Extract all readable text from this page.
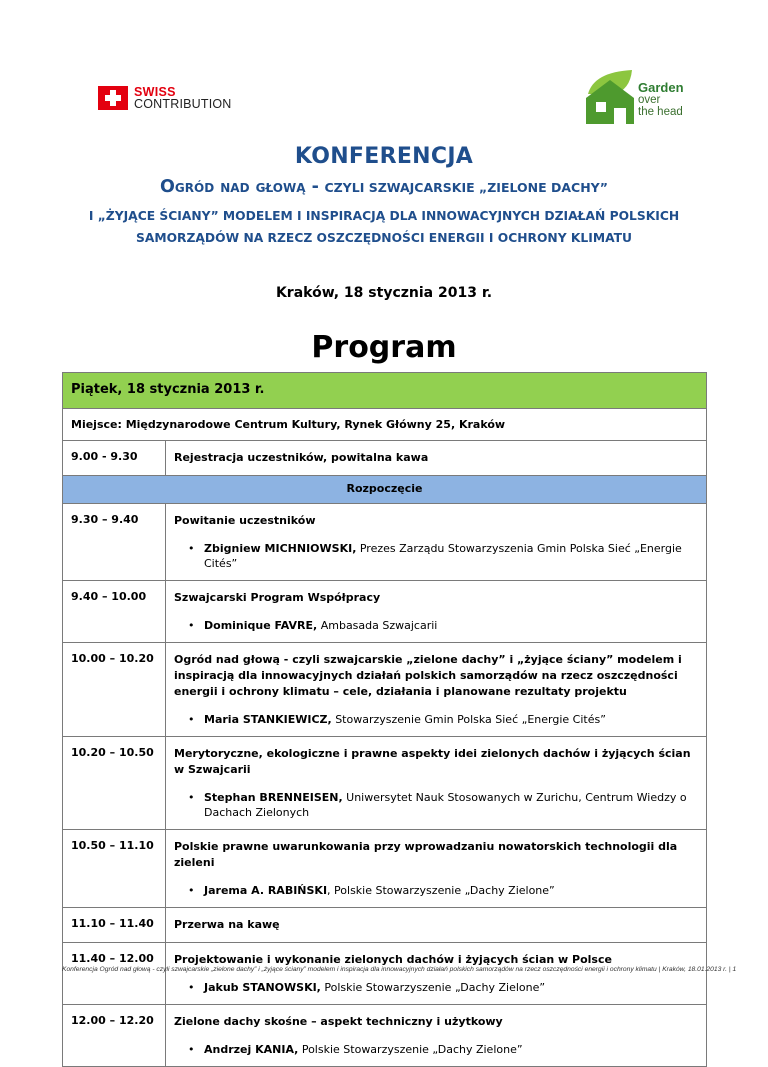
SWISS
CONTRIBUTION
Garden
over
the head
KONFERENCJA
Ogród nad głową - CZYLI SZWAJCARSKIE „ZIELONE DACHY”
I „ŻYJĄCE ŚCIANY” MODELEM I INSPIRACJĄ DLA INNOWACYJNYCH DZIAŁAŃ POLSKICH
SAMORZĄDÓW NA RZECZ OSZCZĘDNOŚCI ENERGII I OCHRONY KLIMATU
Kraków, 18 stycznia 2013 r.
Program
Piątek, 18 stycznia 2013 r.	
Miejsce: Międzynarodowe Centrum Kultury, Rynek Główny 25, Kraków	
9.00 - 9.30	Rejestracja uczestników, powitalna kawa

Rozpoczęcie	
9.30 – 9.40	Powitanie uczestników
• Zbigniew MICHNIOWSKI, Prezes Zarządu Stowarzyszenia Gmin Polska Sieć „Energie Cités”

9.40 – 10.00	Szwajcarski Program Współpracy
• Dominique FAVRE, Ambasada Szwajcarii

10.00 – 10.20	Ogród nad głową - czyli szwajcarskie „zielone dachy” i „żyjące ściany” modelem i inspiracją dla innowacyjnych działań polskich samorządów na rzecz oszczędności energii i ochrony klimatu – cele, działania i planowane rezultaty projektu
• Maria STANKIEWICZ, Stowarzyszenie Gmin Polska Sieć „Energie Cités”

10.20 – 10.50	Merytoryczne, ekologiczne i prawne aspekty idei zielonych dachów i żyjących ścian w Szwajcarii
• Stephan BRENNEISEN, Uniwersytet Nauk Stosowanych w Zurichu, Centrum Wiedzy o Dachach Zielonych

10.50 – 11.10	Polskie prawne uwarunkowania przy wprowadzaniu nowatorskich technologii dla zieleni
• Jarema A. RABIŃSKI, Polskie Stowarzyszenie „Dachy Zielone”

11.10 – 11.40	Przerwa na kawę

11.40 – 12.00	Projektowanie i wykonanie zielonych dachów i żyjących ścian w Polsce
• Jakub STANOWSKI, Polskie Stowarzyszenie „Dachy Zielone”

12.00 – 12.20	Zielone dachy skośne – aspekt techniczny i użytkowy
• Andrzej KANIA, Polskie Stowarzyszenie „Dachy Zielone”
Konferencja Ogród nad głową - czyli szwajcarskie „zielone dachy” i „żyjące ściany” modelem i inspiracja dla innowacyjnych działań polskich samorządów na rzecz oszczędności energii i ochrony klimatu | Kraków, 18.01.2013 r. | 1
